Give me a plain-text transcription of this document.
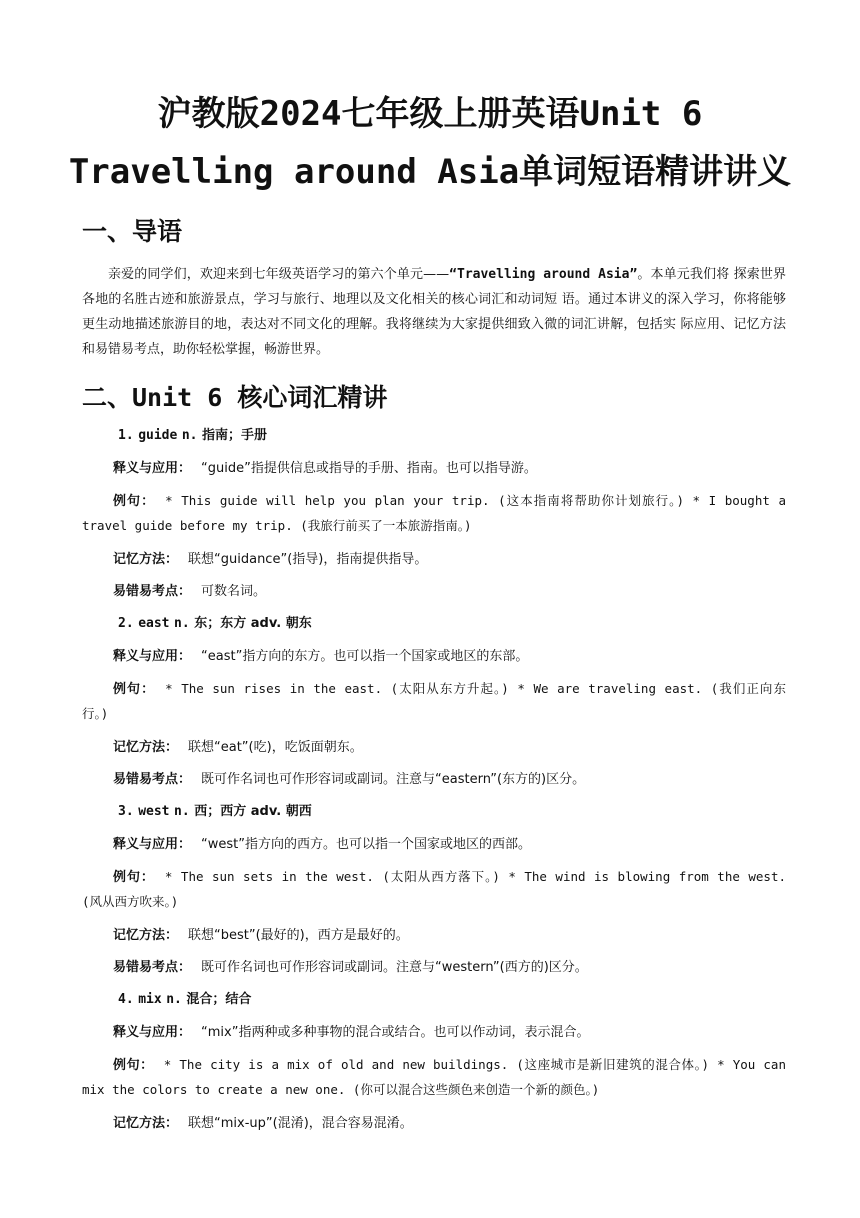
沪教版2024七年级上册英语Unit 6
Travelling around Asia单词短语精讲讲义
一、导语

亲爱的同学们，欢迎来到七年级英语学习的第六个单元——“Travelling around Asia”。本单元我们将 探索世界各地的名胜古迹和旅游景点，学习与旅行、地理以及文化相关的核心词汇和动词短 语。通过本讲义的深入学习，你将能够更生动地描述旅游目的地，表达对不同文化的理解。我将继续为大家提供细致入微的词汇讲解，包括实 际应用、记忆方法和易错易考点，助你轻松掌握，畅游世界。

二、Unit 6 核心词汇精讲
1. guide n. 指南；手册
释义与应用： “guide”指提供信息或指导的手册、指南。也可以指导游。
例句： * This guide will help you plan your trip. (这本指南将帮助你计划旅行。) * I bought a travel guide before my trip. (我旅行前买了一本旅游指南。)
记忆方法： 联想“guidance”(指导)，指南提供指导。
易错易考点： 可数名词。
2. east n. 东；东方 adv. 朝东
释义与应用： “east”指方向的东方。也可以指一个国家或地区的东部。
例句： * The sun rises in the east. (太阳从东方升起。) * We are traveling east. (我们正向东 行。)
记忆方法： 联想“eat”(吃)，吃饭面朝东。
易错易考点： 既可作名词也可作形容词或副词。注意与“eastern”(东方的)区分。
3. west n. 西；西方 adv. 朝西
释义与应用： “west”指方向的西方。也可以指一个国家或地区的西部。
例句： * The sun sets in the west. (太阳从西方落下。) * The wind is blowing from the west. (风从西方吹来。)
记忆方法： 联想“best”(最好的)，西方是最好的。
易错易考点： 既可作名词也可作形容词或副词。注意与“western”(西方的)区分。
4. mix n. 混合；结合
释义与应用： “mix”指两种或多种事物的混合或结合。也可以作动词，表示混合。
例句： * The city is a mix of old and new buildings. (这座城市是新旧建筑的混合体。) * You can mix the colors to create a new one. (你可以混合这些颜色来创造一个新的颜色。)
记忆方法： 联想“mix-up”(混淆)，混合容易混淆。
